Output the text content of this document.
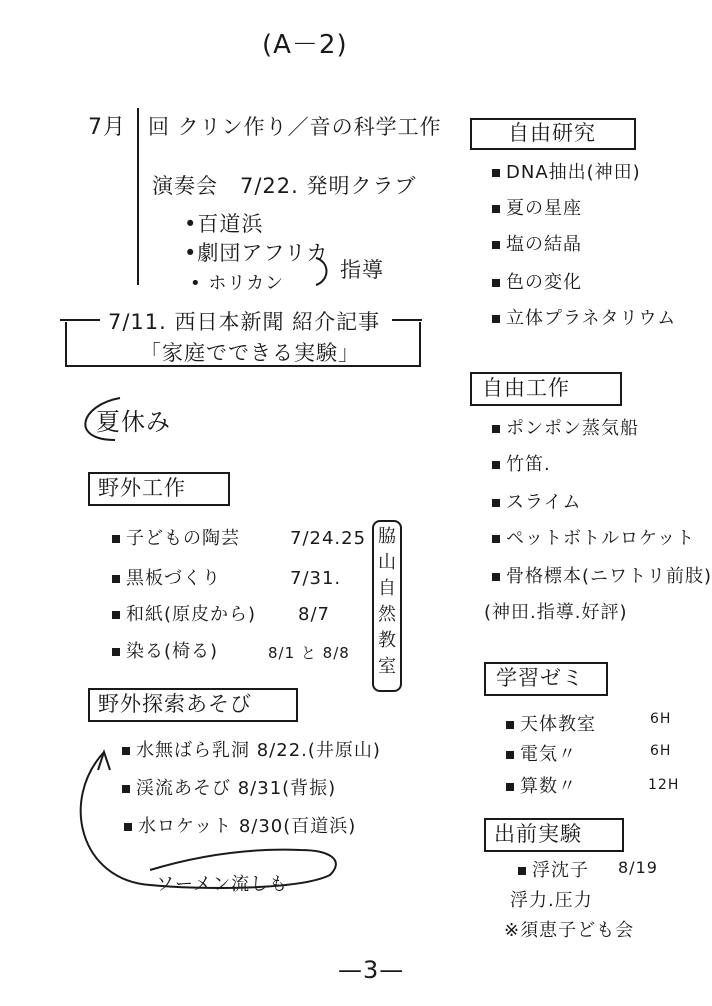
(A－2)
7月 回 クリン作り／音の科学工作
演奏会　7/22. 発明クラブ
•百道浜
•劇団アフリカ
• ホリカン
指導
7/11. 西日本新聞 紹介記事
「家庭でできる実験」
夏休み
野外工作
子どもの陶芸	7/24.25
黒板づくり	7/31.
和紙(原皮から) 8/7
染る(椅る)	8/1 と 8/8
脇
山
自
然
教
室
野外探索あそび
水無ばら乳洞 8/22.(井原山)
渓流あそび 8/31(背振)
水ロケット 8/30(百道浜)
ソーメン流しも
自由研究
DNA抽出(神田)
夏の星座
塩の結晶
色の変化
立体プラネタリウム
自由工作
ポンポン蒸気船
竹笛.
スライム
ペットボトルロケット
骨格標本(ニワトリ前肢)
(神田.指導.好評)
学習ゼミ
天体教室	6H
電気〃	6H
算数〃	12H
出前実験
浮沈子 8/19
浮力.圧力
※須恵子ども会
—3—
